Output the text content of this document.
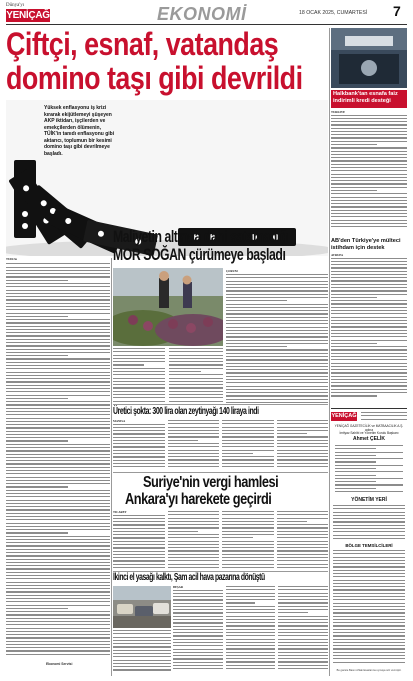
Dünya'yı
YENİÇAĞ	EKONOMİ	18 OCAK 2025, CUMARTESİ 7
Çiftçi, esnaf, vatandaş
domino taşı gibi devrildi
Yüksek enflasyonu iş krizi kırarak ekijütlemeyi şüşeyen AKP iktidarı, işçilerden ve emekçilerden ölümenin, TÜİK'in tanıdı enflasyonu gibi aktarıcı, toplumun bir kesimi domino taşı gibi devrilmeye başladı.
TÜİK'in
Ekonomi Servisi
Maliyetin altında dahi satamadığı
MOR SOĞAN çürümeye başladı
ÇORUM
Üretici şokta: 300 lira olan zeytinyağı 140 liraya indi
MANİSA
Suriye'nin vergi hamlesi
Ankara'yı harekete geçirdi
TİCARET
İkinci el yasağı kalktı, Şam acil hava pazarına dönüştü
BEŞAR
Halkbank'tan esnafa faiz indirimli kredi desteği
TÜRKİYE
AB'den Türkiye'ye mülteci istihdam için destek
AVRUPA
YENİÇAĞ
YENİÇAĞ GAZETECİLİK ve MATBAACILIK A.Ş. adına
İmtiyaz Sahibi ve Yönetim Kurulu Başkanı
Ahmet ÇELİK
YÖNETİM YERİ
BÖLGE TEMSİLCİLERİ
Bu gazete Basın Ahlak Esaslarına uymaya söz vermiştir.
